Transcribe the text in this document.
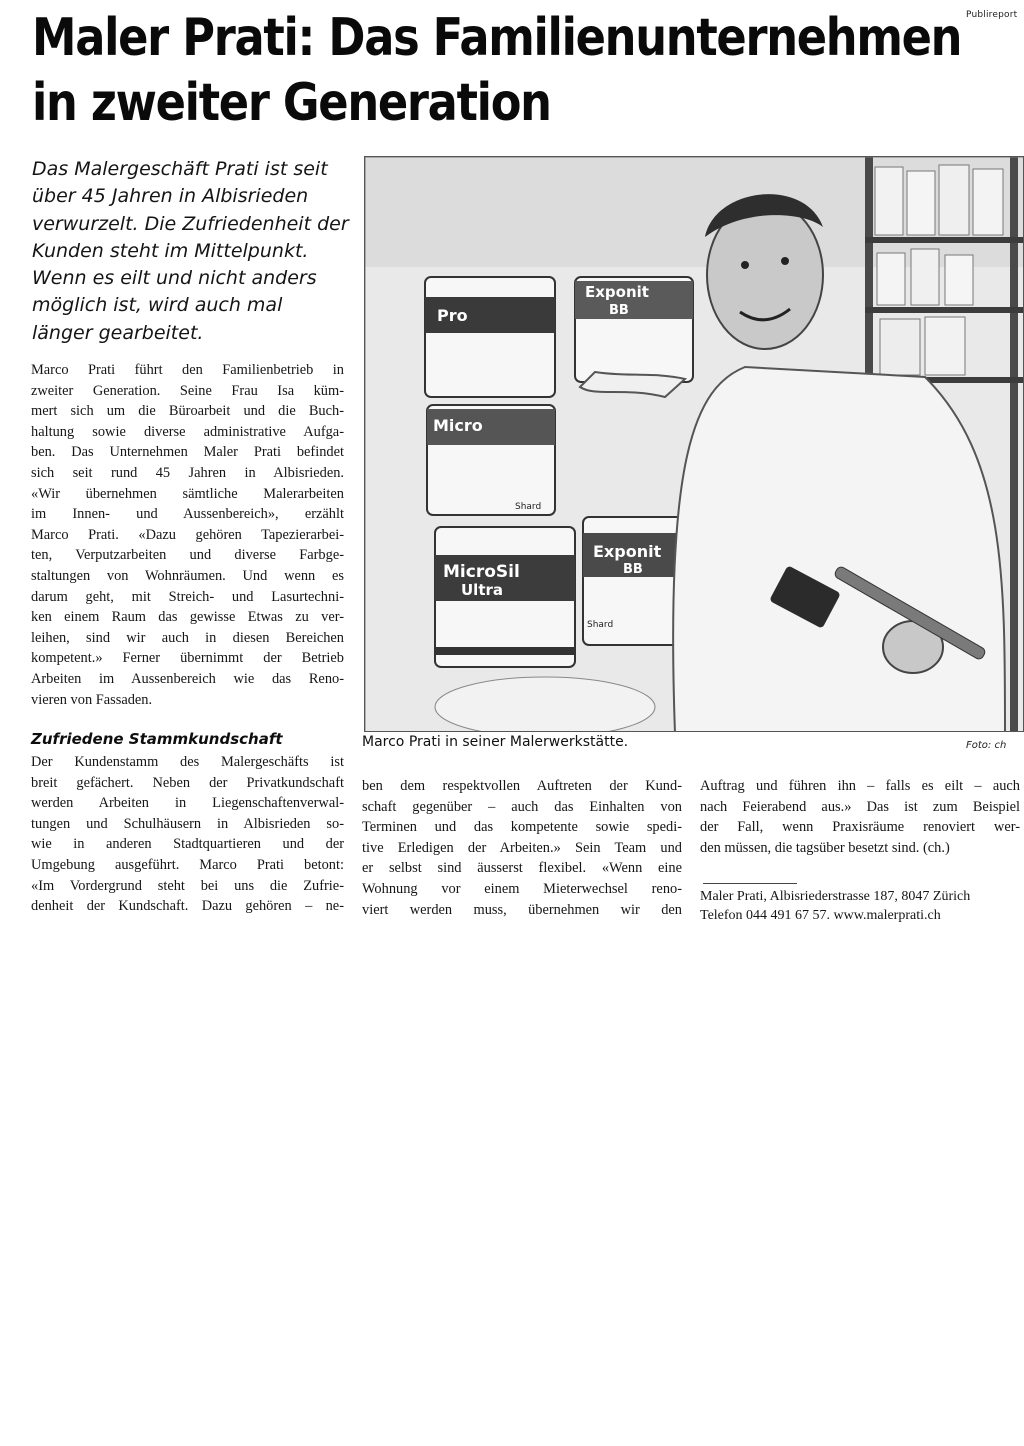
Publireport
Maler Prati: Das Familienunternehmen
in zweiter Generation
Das Malergeschäft Prati ist seit
über 45 Jahren in Albisrieden
verwurzelt. Die Zufriedenheit der
Kunden steht im Mittelpunkt.
Wenn es eilt und nicht anders
möglich ist, wird auch mal
länger gearbeitet.
Marco Prati führt den Familienbetrieb in
zweiter Generation. Seine Frau Isa küm-
mert sich um die Büroarbeit und die Buch-
haltung sowie diverse administrative Aufga-
ben. Das Unternehmen Maler Prati befindet
sich seit rund 45 Jahren in Albisrieden.
«Wir übernehmen sämtliche Malerarbeiten
im Innen- und Aussenbereich», erzählt
Marco Prati. «Dazu gehören Tapezierarbei-
ten, Verputzarbeiten und diverse Farbge-
staltungen von Wohnräumen. Und wenn es
darum geht, mit Streich- und Lasurtechni-
ken einem Raum das gewisse Etwas zu ver-
leihen, sind wir auch in diesen Bereichen
kompetent.» Ferner übernimmt der Betrieb
Arbeiten im Aussenbereich wie das Reno-
vieren von Fassaden.
Zufriedene Stammkundschaft
Der Kundenstamm des Malergeschäfts ist
breit gefächert. Neben der Privatkundschaft
werden Arbeiten in Liegenschaftenverwal-
tungen und Schulhäusern in Albisrieden so-
wie in anderen Stadtquartieren und der
Umgebung ausgeführt. Marco Prati betont:
«Im Vordergrund steht bei uns die Zufrie-
denheit der Kundschaft. Dazu gehören – ne-
ben dem respektvollen Auftreten der Kund-
schaft gegenüber – auch das Einhalten von
Terminen und das kompetente sowie spedi-
tive Erledigen der Arbeiten.» Sein Team und
er selbst sind äusserst flexibel. «Wenn eine
Wohnung vor einem Mieterwechsel reno-
viert werden muss, übernehmen wir den
Auftrag und führen ihn – falls es eilt – auch
nach Feierabend aus.» Das ist zum Beispiel
der Fall, wenn Praxisräume renoviert wer-
den müssen, die tagsüber besetzt sind. (ch.)
Maler Prati, Albisriederstrasse 187, 8047 Zürich
Telefon 044 491 67 57. www.malerprati.ch
Pro
Exponit
BB
Micro
Shard
MicroSil
Ultra
Exponit
BB
Shard
Marco Prati in seiner Malerwerkstätte.	Foto: ch
